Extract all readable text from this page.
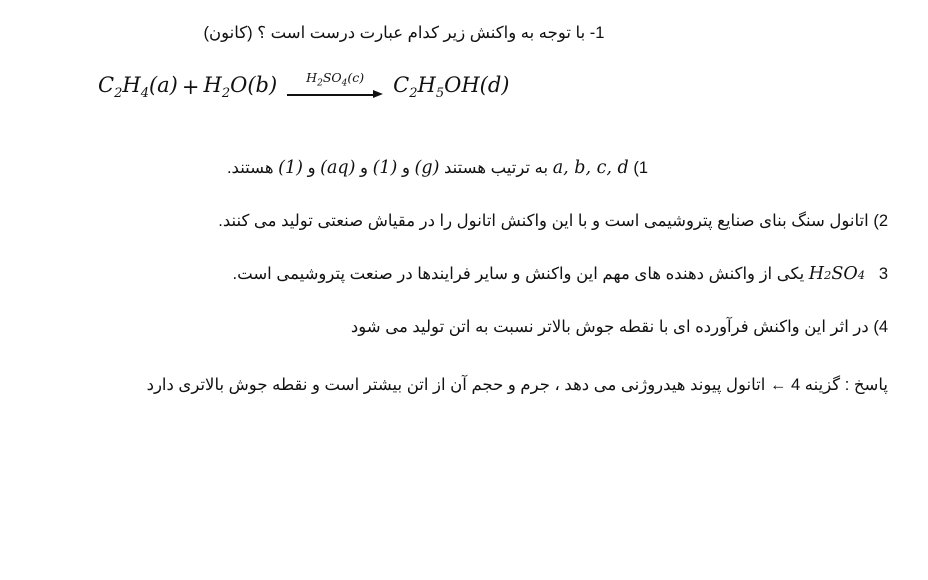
1- با توجه به واکنش زیر کدام عبارت درست است ؟ (کانون)
$C_2H_4(a) + H_2O(b)$ $H_2SO_4(c)$ $C_2H_5OH(d)$
1) a, b, c, d به ترتیب هستند (g) و (1) و (aq) و (1) هستند.
2) اتانول سنگ بنای صنایع پتروشیمی است و با این واکنش اتانول را در مقیاش صنعتی تولید می کنند.
3   H2SO4 یکی از واکنش دهنده های مهم این واکنش و سایر فرایندها در صنعت پتروشیمی است.
4) در اثر این واکنش فرآورده ای با نقطه جوش بالاتر نسبت به اتن تولید می شود
پاسخ : گزینه 4 ← اتانول پیوند هیدروژنی می دهد ، جرم و حجم آن از اتن بیشتر است و نقطه جوش بالاتری دارد
